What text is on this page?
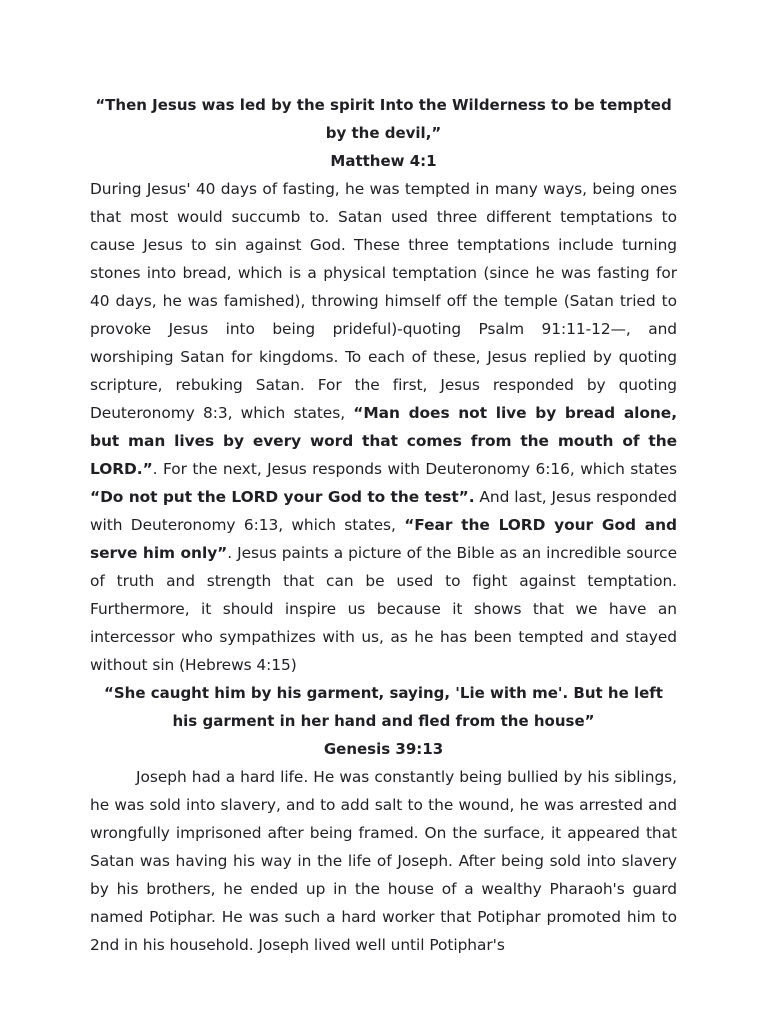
“Then Jesus was led by the spirit Into the Wilderness to be tempted by the devil,”

Matthew 4:1

During Jesus' 40 days of fasting, he was tempted in many ways, being ones that most would succumb to. Satan used three different temptations to cause Jesus to sin against God. These three temptations include turning stones into bread, which is a physical temptation (since he was fasting for 40 days, he was famished), throwing himself off the temple (Satan tried to provoke Jesus into being prideful)-quoting Psalm 91:11-12—, and worshiping Satan for kingdoms. To each of these, Jesus replied by quoting scripture, rebuking Satan. For the first, Jesus responded by quoting Deuteronomy 8:3, which states, “Man does not live by bread alone, but man lives by every word that comes from the mouth of the LORD.”. For the next, Jesus responds with Deuteronomy 6:16, which states “Do not put the LORD your God to the test”. And last, Jesus responded with Deuteronomy 6:13, which states, “Fear the LORD your God and serve him only”. Jesus paints a picture of the Bible as an incredible source of truth and strength that can be used to fight against temptation. Furthermore, it should inspire us because it shows that we have an intercessor who sympathizes with us, as he has been tempted and stayed without sin (Hebrews 4:15)

“She caught him by his garment, saying, 'Lie with me'. But he left his garment in her hand and fled from the house”

Genesis 39:13

Joseph had a hard life. He was constantly being bullied by his siblings, he was sold into slavery, and to add salt to the wound, he was arrested and wrongfully imprisoned after being framed. On the surface, it appeared that Satan was having his way in the life of Joseph. After being sold into slavery by his brothers, he ended up in the house of a wealthy Pharaoh's guard named Potiphar. He was such a hard worker that Potiphar promoted him to 2nd in his household. Joseph lived well until Potiphar's
